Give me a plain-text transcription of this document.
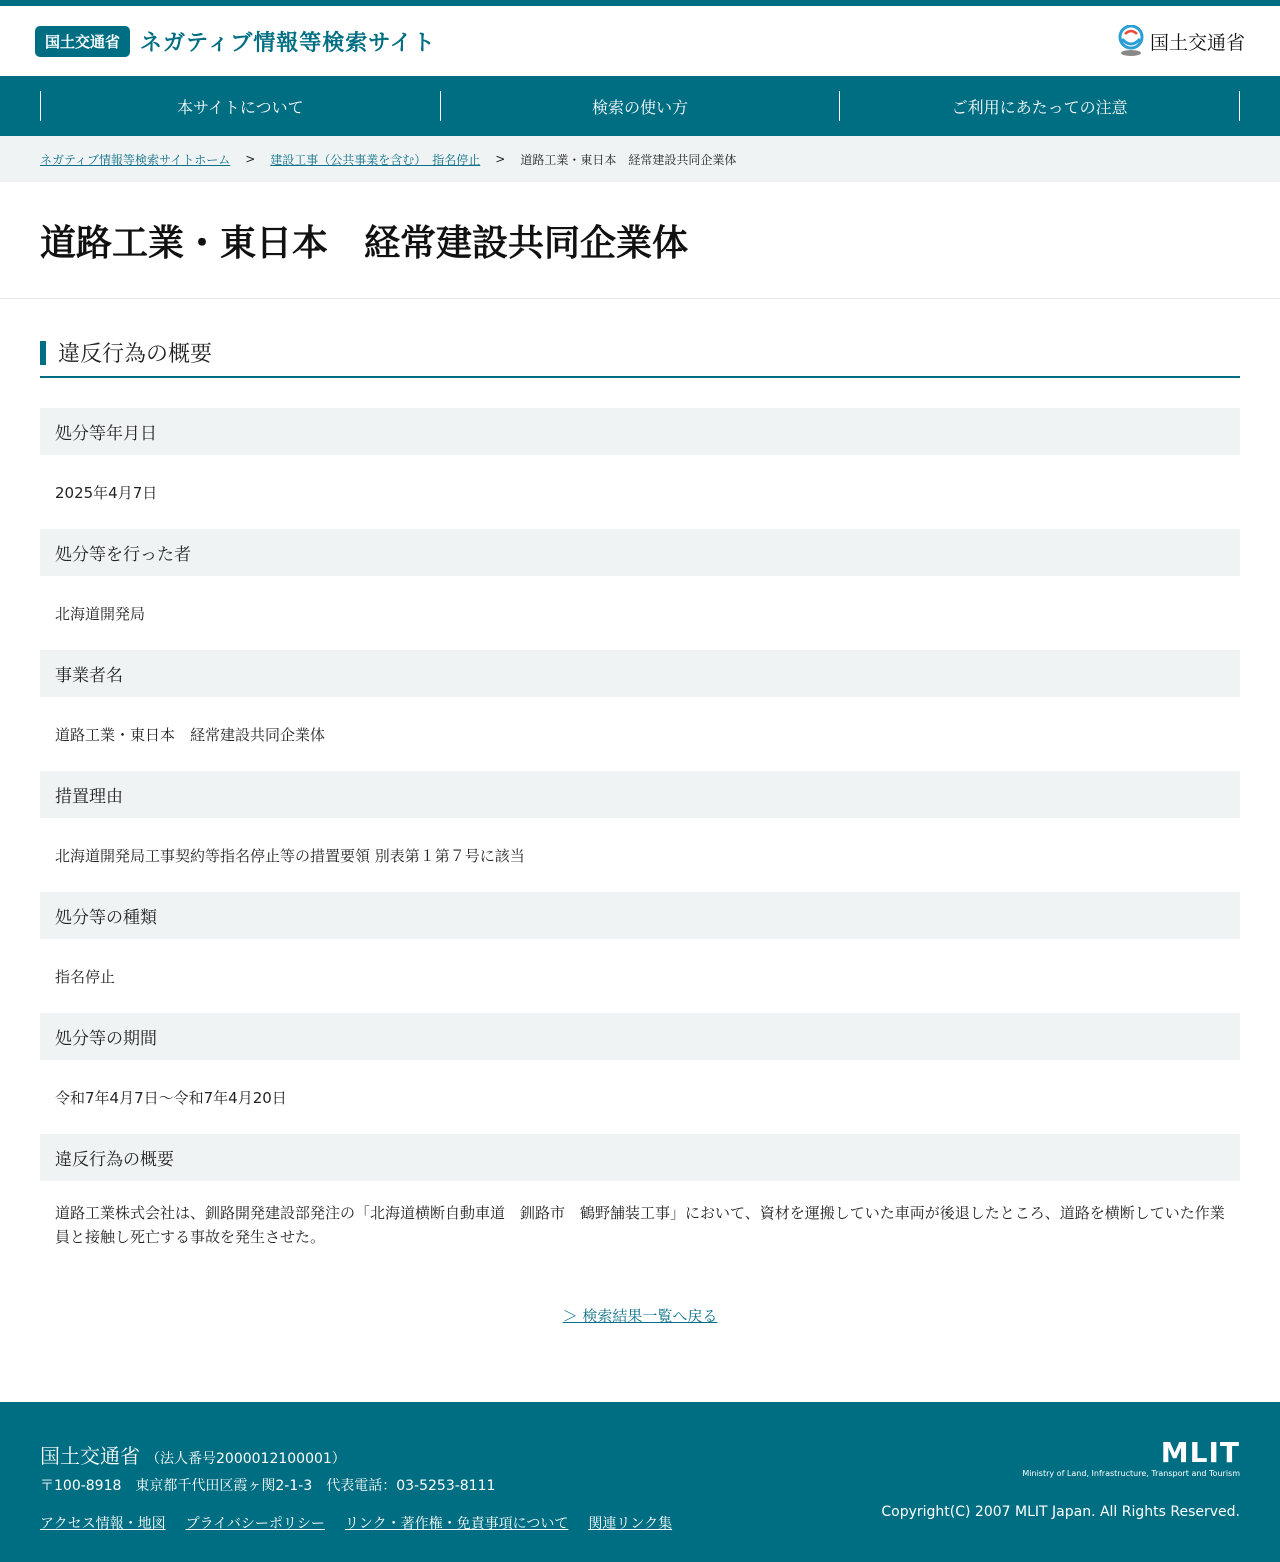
国土交通省 ネガティブ情報等検索サイト	国土交通省
本サイトについて	検索の使い方	ご利用にあたっての注意
ネガティブ情報等検索サイトホーム > 建設工事（公共事業を含む）　指名停止 > 道路工業・東日本　経常建設共同企業体
道路工業・東日本　経常建設共同企業体
違反行為の概要
処分等年月日
2025年4月7日
処分等を行った者
北海道開発局
事業者名
道路工業・東日本　経常建設共同企業体
措置理由
北海道開発局工事契約等指名停止等の措置要領 別表第１第７号に該当
処分等の種類
指名停止
処分等の期間
令和7年4月7日～令和7年4月20日
違反行為の概要
道路工業株式会社は、釧路開発建設部発注の「北海道横断自動車道　釧路市　鶴野舗装工事」において、資材を運搬していた車両が後退したところ、道路を横断していた作業員と接触し死亡する事故を発生させた。
＞ 検索結果一覧へ戻る
国土交通省 （法人番号2000012100001）
〒100-8918　東京都千代田区霞ヶ関2-1-3　代表電話：03-5253-8111
アクセス情報・地図 プライバシーポリシー リンク・著作権・免責事項について 関連リンク集
MLIT
Ministry of Land, Infrastructure, Transport and Tourism
Copyright(C) 2007 MLIT Japan. All Rights Reserved.
